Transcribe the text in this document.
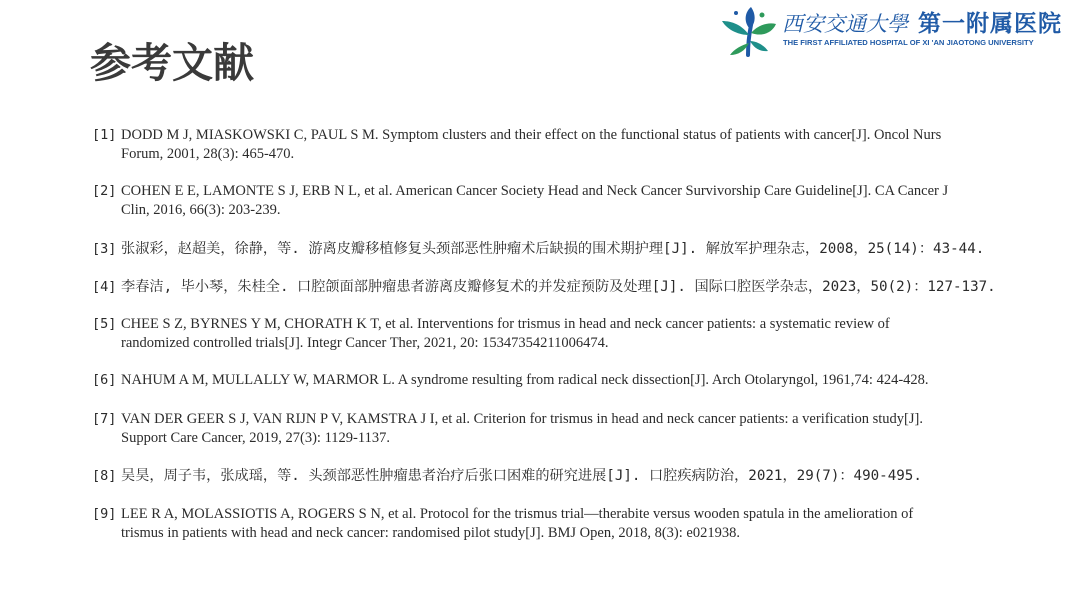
西安交通大學 第一附属医院
THE FIRST AFFILIATED HOSPITAL OF XI 'AN JIAOTONG UNIVERSITY
参考文献
[1] DODD M J, MIASKOWSKI C, PAUL S M. Symptom clusters and their effect on the functional status of patients with cancer[J]. Oncol Nurs
Forum, 2001, 28(3): 465-470.
[2] COHEN E E, LAMONTE S J, ERB N L, et al. American Cancer Society Head and Neck Cancer Survivorship Care Guideline[J]. CA Cancer J
Clin, 2016, 66(3): 203-239.
[3] 张淑彩，赵超美，徐静，等. 游离皮瓣移植修复头颈部恶性肿瘤术后缺损的围术期护理[J]. 解放军护理杂志，2008，25(14)：43-44.
[4] 李春洁, 毕小琴，朱桂全. 口腔颌面部肿瘤患者游离皮瓣修复术的并发症预防及处理[J]. 国际口腔医学杂志，2023，50(2)：127-137.
[5] CHEE S Z, BYRNES Y M, CHORATH K T, et al. Interventions for trismus in head and neck cancer patients: a systematic review of
randomized controlled trials[J]. Integr Cancer Ther, 2021, 20: 15347354211006474.
[6] NAHUM A M, MULLALLY W, MARMOR L. A syndrome resulting from radical neck dissection[J]. Arch Otolaryngol, 1961,74: 424-428.
[7] VAN DER GEER S J, VAN RIJN P V, KAMSTRA J I, et al. Criterion for trismus in head and neck cancer patients: a verification study[J].
Support Care Cancer, 2019, 27(3): 1129-1137.
[8] 吴昊，周子韦，张成瑶，等. 头颈部恶性肿瘤患者治疗后张口困难的研究进展[J]. 口腔疾病防治，2021，29(7)：490-495.
[9] LEE R A, MOLASSIOTIS A, ROGERS S N, et al. Protocol for the trismus trial—therabite versus wooden spatula in the amelioration of
trismus in patients with head and neck cancer: randomised pilot study[J]. BMJ Open, 2018, 8(3): e021938.
